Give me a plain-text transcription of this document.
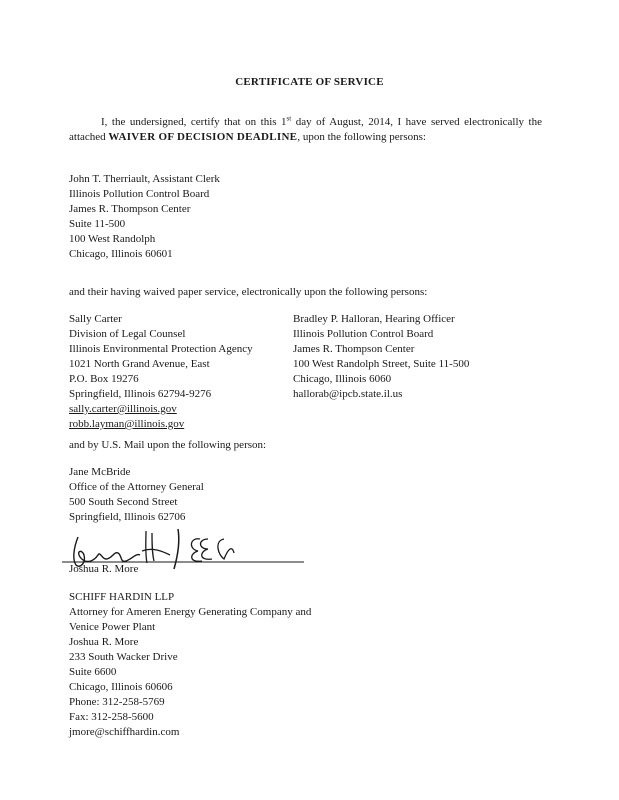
CERTIFICATE OF SERVICE
I, the undersigned, certify that on this 1st day of August, 2014, I have served electronically the attached WAIVER OF DECISION DEADLINE, upon the following persons:
John T. Therriault, Assistant Clerk
Illinois Pollution Control Board
James R. Thompson Center
Suite 11-500
100 West Randolph
Chicago, Illinois 60601
and their having waived paper service, electronically upon the following persons:
Sally Carter
Division of Legal Counsel
Illinois Environmental Protection Agency
1021 North Grand Avenue, East
P.O. Box 19276
Springfield, Illinois 62794-9276
sally.carter@illinois.gov
robb.layman@illinois.gov
Bradley P. Halloran, Hearing Officer
Illinois Pollution Control Board
James R. Thompson Center
100 West Randolph Street, Suite 11-500
Chicago, Illinois 6060
hallorab@ipcb.state.il.us
and by U.S. Mail upon the following person:
Jane McBride
Office of the Attorney General
500 South Second Street
Springfield, Illinois 62706
Joshua R. More
SCHIFF HARDIN LLP
Attorney for Ameren Energy Generating Company and
Venice Power Plant
Joshua R. More
233 South Wacker Drive
Suite 6600
Chicago, Illinois 60606
Phone: 312-258-5769
Fax: 312-258-5600
jmore@schiffhardin.com
